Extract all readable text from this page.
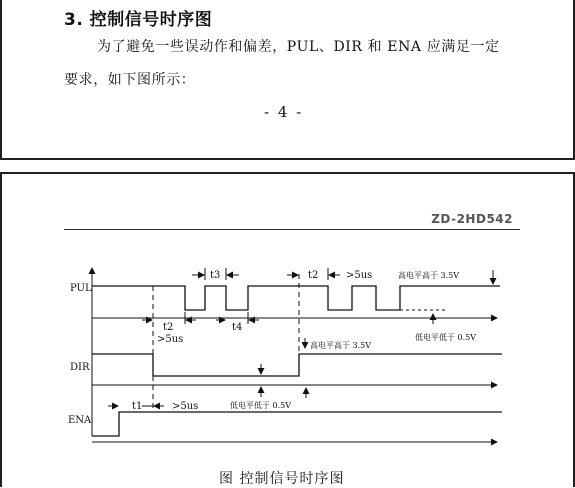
3. 控制信号时序图
为了避免一些误动作和偏差，PUL、DIR 和 ENA 应满足一定
要求，如下图所示：
- 4 -
ZD-2HD542
PUL
DIR
ENA
t3	t2	>5us	高电平高于 3.5V
低电平低于 0.5V
t2
>5us
t4
高电平高于 3.5V
低电平低于 0.5V
t1	>5us
图 控制信号时序图
